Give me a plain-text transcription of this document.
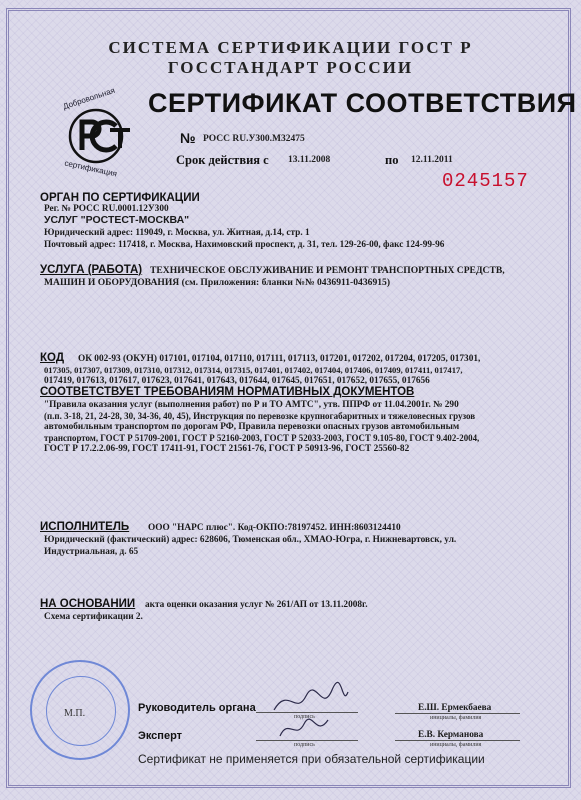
СИСТЕМА СЕРТИФИКАЦИИ ГОСТ Р
ГОССТАНДАРТ РОССИИ
Добровольная
сертификация
СЕРТИФИКАТ СООТВЕТСТВИЯ
№ РОСС RU.У300.М32475
Срок действия с 13.11.2008	по 12.11.2011
0245157
ОРГАН ПО СЕРТИФИКАЦИИ
Рег. № РОСС RU.0001.12У300
УСЛУГ "РОСТЕСТ-МОСКВА"
Юридический адрес: 119049, г. Москва, ул. Житная, д.14, стр. 1
Почтовый адрес: 117418, г. Москва, Нахимовский проспект, д. 31, тел. 129-26-00, факс 124-99-96
УСЛУГА (РАБОТА) ТЕХНИЧЕСКОЕ ОБСЛУЖИВАНИЕ И РЕМОНТ ТРАНСПОРТНЫХ СРЕДСТВ,
МАШИН И ОБОРУДОВАНИЯ (см. Приложения: бланки №№ 0436911-0436915)
КОД ОК 002-93 (ОКУН) 017101, 017104, 017110, 017111, 017113, 017201, 017202, 017204, 017205, 017301,
017305, 017307, 017309, 017310, 017312, 017314, 017315, 017401, 017402, 017404, 017406, 017409, 017411, 017417,
017419, 017613, 017617, 017623, 017641, 017643, 017644, 017645, 017651, 017652, 017655, 017656
СООТВЕТСТВУЕТ ТРЕБОВАНИЯМ НОРМАТИВНЫХ ДОКУМЕНТОВ
"Правила оказания услуг (выполнения работ) по Р и ТО АМТС", утв. ППРФ от 11.04.2001г. № 290
(п.п. 3-18, 21, 24-28, 30, 34-36, 40, 45), Инструкция по перевозке крупногабаритных и тяжеловесных грузов
автомобильным транспортом по дорогам РФ, Правила перевозки опасных грузов автомобильным
транспортом, ГОСТ Р 51709-2001, ГОСТ Р 52160-2003, ГОСТ Р 52033-2003, ГОСТ 9.105-80, ГОСТ 9.402-2004,
ГОСТ Р 17.2.2.06-99, ГОСТ 17411-91, ГОСТ 21561-76, ГОСТ Р 50913-96, ГОСТ 25560-82
ИСПОЛНИТЕЛЬ ООО "НАРС плюс". Код-ОКПО:78197452. ИНН:8603124410
Юридический (фактический) адрес: 628606, Тюменская обл., ХМАО-Югра, г. Нижневартовск, ул.
Индустриальная, д. 65
НА ОСНОВАНИИ акта оценки оказания услуг № 261/АП от 13.11.2008г.
Схема сертификации 2.
М.П.	Руководитель органа
подпись
Е.Ш. Ермекбаева
инициалы, фамилия
Эксперт
подпись
Е.В. Керманова
инициалы, фамилия
Сертификат не применяется при обязательной сертификации
